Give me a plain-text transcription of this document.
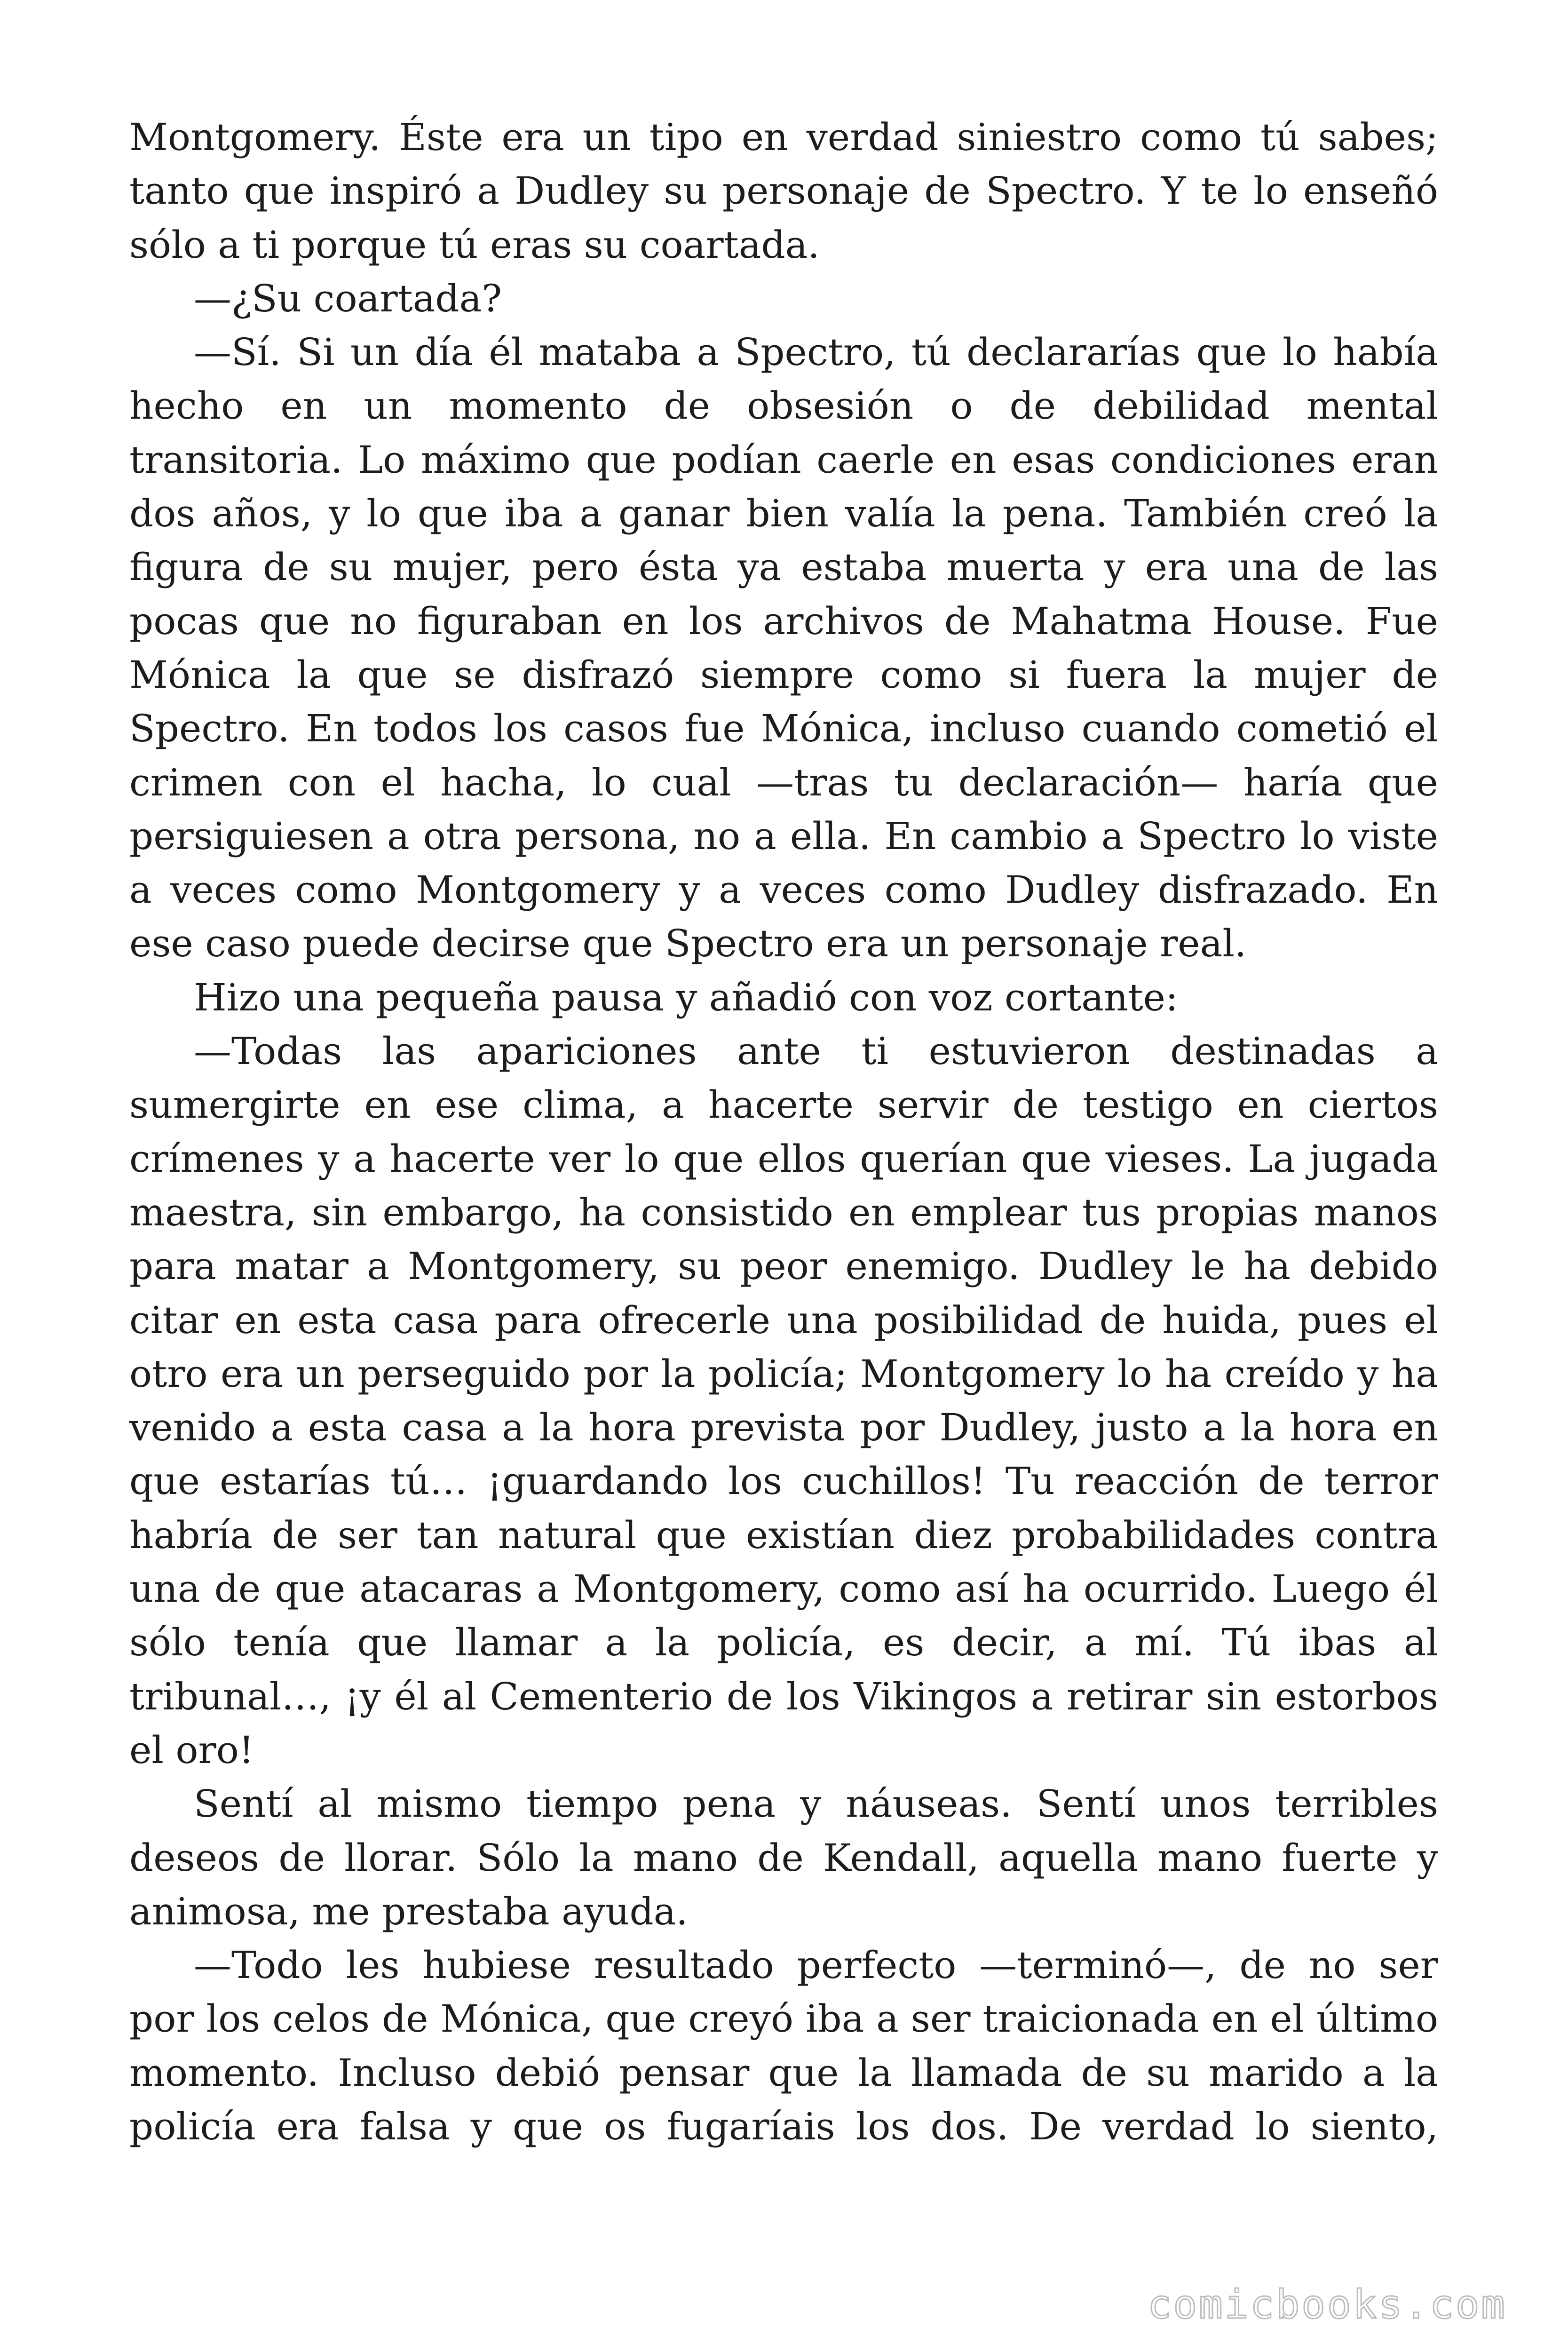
Montgomery. Éste era un tipo en verdad siniestro como tú sabes;
tanto que inspiró a Dudley su personaje de Spectro. Y te lo enseñó
sólo a ti porque tú eras su coartada.

—¿Su coartada?

—Sí. Si un día él mataba a Spectro, tú declararías que lo había
hecho en un momento de obsesión o de debilidad mental
transitoria. Lo máximo que podían caerle en esas condiciones eran
dos años, y lo que iba a ganar bien valía la pena. También creó la
figura de su mujer, pero ésta ya estaba muerta y era una de las
pocas que no figuraban en los archivos de Mahatma House. Fue
Mónica la que se disfrazó siempre como si fuera la mujer de
Spectro. En todos los casos fue Mónica, incluso cuando cometió el
crimen con el hacha, lo cual —tras tu declaración— haría que
persiguiesen a otra persona, no a ella. En cambio a Spectro lo viste
a veces como Montgomery y a veces como Dudley disfrazado. En
ese caso puede decirse que Spectro era un personaje real.

Hizo una pequeña pausa y añadió con voz cortante:

—Todas las apariciones ante ti estuvieron destinadas a
sumergirte en ese clima, a hacerte servir de testigo en ciertos
crímenes y a hacerte ver lo que ellos querían que vieses. La jugada
maestra, sin embargo, ha consistido en emplear tus propias manos
para matar a Montgomery, su peor enemigo. Dudley le ha debido
citar en esta casa para ofrecerle una posibilidad de huida, pues el
otro era un perseguido por la policía; Montgomery lo ha creído y ha
venido a esta casa a la hora prevista por Dudley, justo a la hora en
que estarías tú… ¡guardando los cuchillos! Tu reacción de terror
habría de ser tan natural que existían diez probabilidades contra
una de que atacaras a Montgomery, como así ha ocurrido. Luego él
sólo tenía que llamar a la policía, es decir, a mí. Tú ibas al
tribunal…, ¡y él al Cementerio de los Vikingos a retirar sin estorbos
el oro!

Sentí al mismo tiempo pena y náuseas. Sentí unos terribles
deseos de llorar. Sólo la mano de Kendall, aquella mano fuerte y
animosa, me prestaba ayuda.

—Todo les hubiese resultado perfecto —terminó—, de no ser
por los celos de Mónica, que creyó iba a ser traicionada en el último
momento. Incluso debió pensar que la llamada de su marido a la
policía era falsa y que os fugaríais los dos. De verdad lo siento,

comicbooks.com
